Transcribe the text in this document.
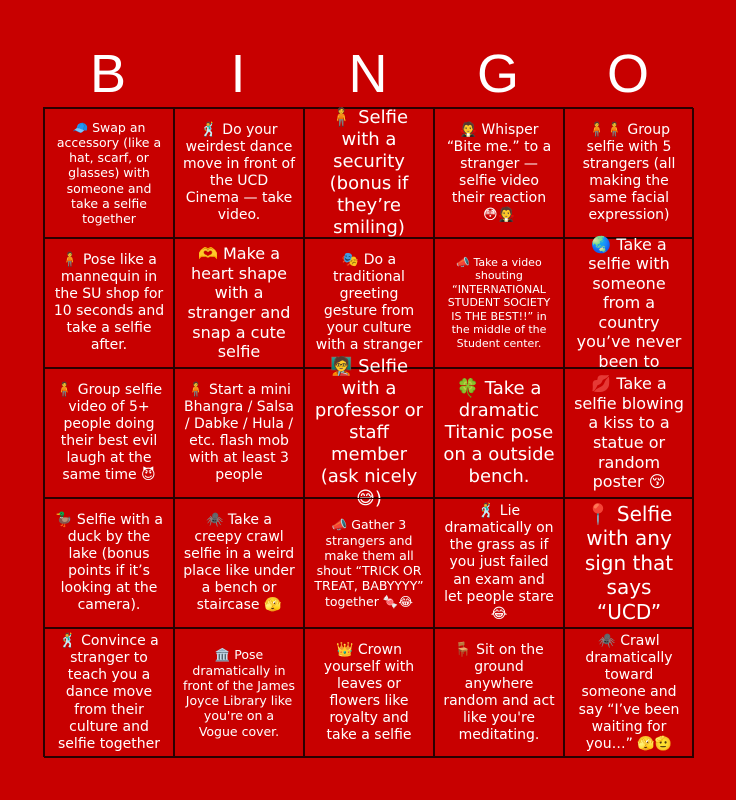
B	I	N	G	O
🧢 Swap an accessory (like a hat, scarf, or glasses) with someone and take a selfie together
🕺 Do your weirdest dance move in front of the UCD Cinema — take video.
🧍 Selfie with a security (bonus if they’re smiling)
🧛 Whisper “Bite me.” to a stranger — selfie video their reaction 😳🧛
🧍‍🧍 Group selfie with 5 strangers (all making the same facial expression)
🧍 Pose like a mannequin in the SU shop for 10 seconds and take a selfie after.
🫶 Make a heart shape with a stranger and snap a cute selfie
🎭 Do a traditional greeting gesture from your culture with a stranger
📣 Take a video shouting “INTERNATIONAL STUDENT SOCIETY IS THE BEST!!” in the middle of the Student center.
🌏 Take a selfie with someone from a country you’ve never been to
🧍 Group selfie video of 5+ people doing their best evil laugh at the same time 😈
🧍 Start a mini Bhangra / Salsa / Dabke / Hula / etc. flash mob with at least 3 people
🧑‍🏫 Selfie with a professor or staff member (ask nicely 😅)
🍀 Take a dramatic Titanic pose on a outside bench.
💋 Take a selfie blowing a kiss to a statue or random poster 😚
🦆 Selfie with a duck by the lake (bonus points if it’s looking at the camera).
🕷️ Take a creepy crawl selfie in a weird place like under a bench or staircase 🫣
📣 Gather 3 strangers and make them all shout “TRICK OR TREAT, BABYYYY” together 🍬😂
🕺 Lie dramatically on the grass as if you just failed an exam and let people stare 😂
📍 Selfie with any sign that says “UCD”
🕺 Convince a stranger to teach you a dance move from their culture and selfie together
🏛️ Pose dramatically in front of the James Joyce Library like you're on a Vogue cover.
👑 Crown yourself with leaves or flowers like royalty and take a selfie
🪑 Sit on the ground anywhere random and act like you're meditating.
🕷️ Crawl dramatically toward someone and say “I’ve been waiting for you…” 🫣🫡
